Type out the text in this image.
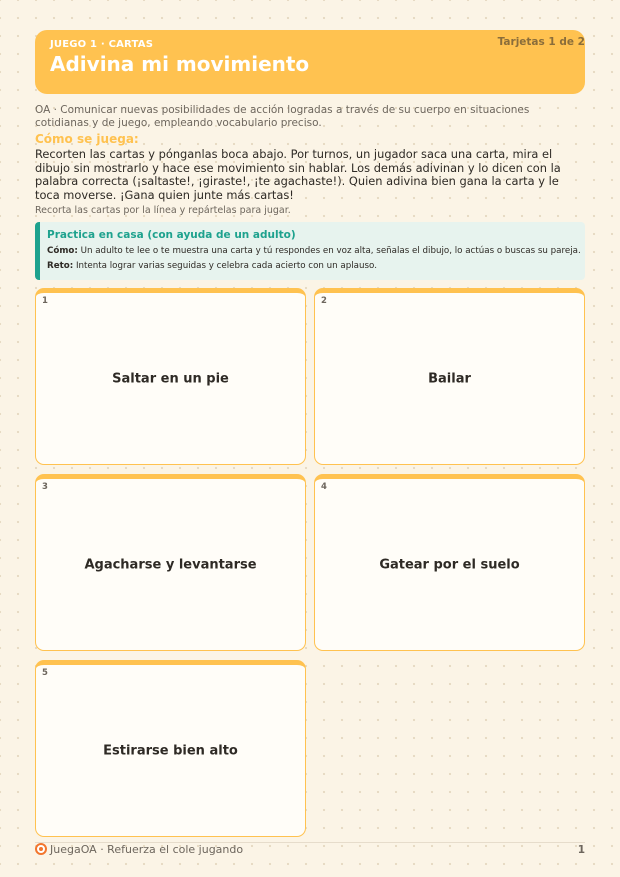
JUEGO 1 · CARTAS
Adivina mi movimiento
Tarjetas 1 de 2
OA · Comunicar nuevas posibilidades de acción logradas a través de su cuerpo en situaciones cotidianas y de juego, empleando vocabulario preciso.
Cómo se juega:
Recorten las cartas y pónganlas boca abajo. Por turnos, un jugador saca una carta, mira el dibujo sin mostrarlo y hace ese movimiento sin hablar. Los demás adivinan y lo dicen con la palabra correcta (¡saltaste!, ¡giraste!, ¡te agachaste!). Quien adivina bien gana la carta y le toca moverse. ¡Gana quien junte más cartas!
Recorta las cartas por la línea y repártelas para jugar.
Practica en casa (con ayuda de un adulto)
Cómo: Un adulto te lee o te muestra una carta y tú respondes en voz alta, señalas el dibujo, lo actúas o buscas su pareja.
Reto: Intenta lograr varias seguidas y celebra cada acierto con un aplauso.
1
Saltar en un pie
2
Bailar
3
Agacharse y levantarse
4
Gatear por el suelo
5
Estirarse bien alto
JuegaOA · Refuerza el cole jugando	1
